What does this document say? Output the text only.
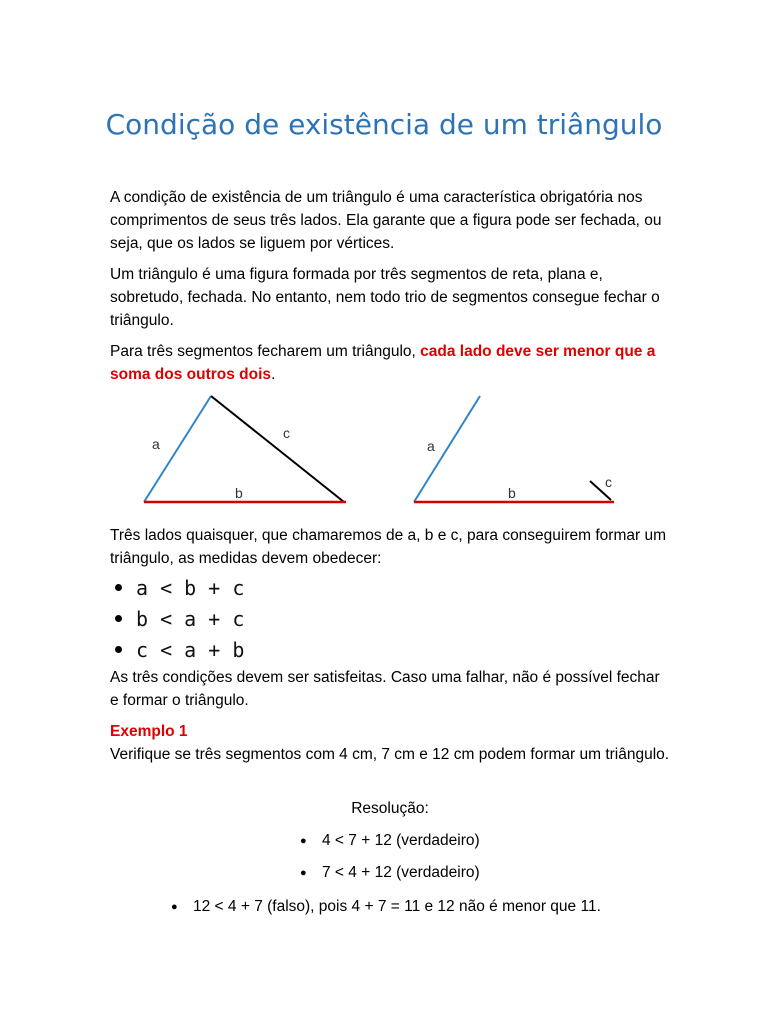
Condição de existência de um triângulo
A condição de existência de um triângulo é uma característica obrigatória nos comprimentos de seus três lados. Ela garante que a figura pode ser fechada, ou seja, que os lados se liguem por vértices.
Um triângulo é uma figura formada por três segmentos de reta, plana e, sobretudo, fechada. No entanto, nem todo trio de segmentos consegue fechar o triângulo.
Para três segmentos fecharem um triângulo, cada lado deve ser menor que a soma dos outros dois.
a
c
b
a
b
c
Três lados quaisquer, que chamaremos de a, b e c, para conseguirem formar um triângulo, as medidas devem obedecer:
a < b + c
b < a + c
c < a + b
As três condições devem ser satisfeitas. Caso uma falhar, não é possível fechar e formar o triângulo.
Exemplo 1
Verifique se três segmentos com 4 cm, 7 cm e 12 cm podem formar um triângulo.
Resolução:
● 4 < 7 + 12 (verdadeiro)
● 7 < 4 + 12 (verdadeiro)
● 12 < 4 + 7 (falso), pois 4 + 7 = 11 e 12 não é menor que 11.
